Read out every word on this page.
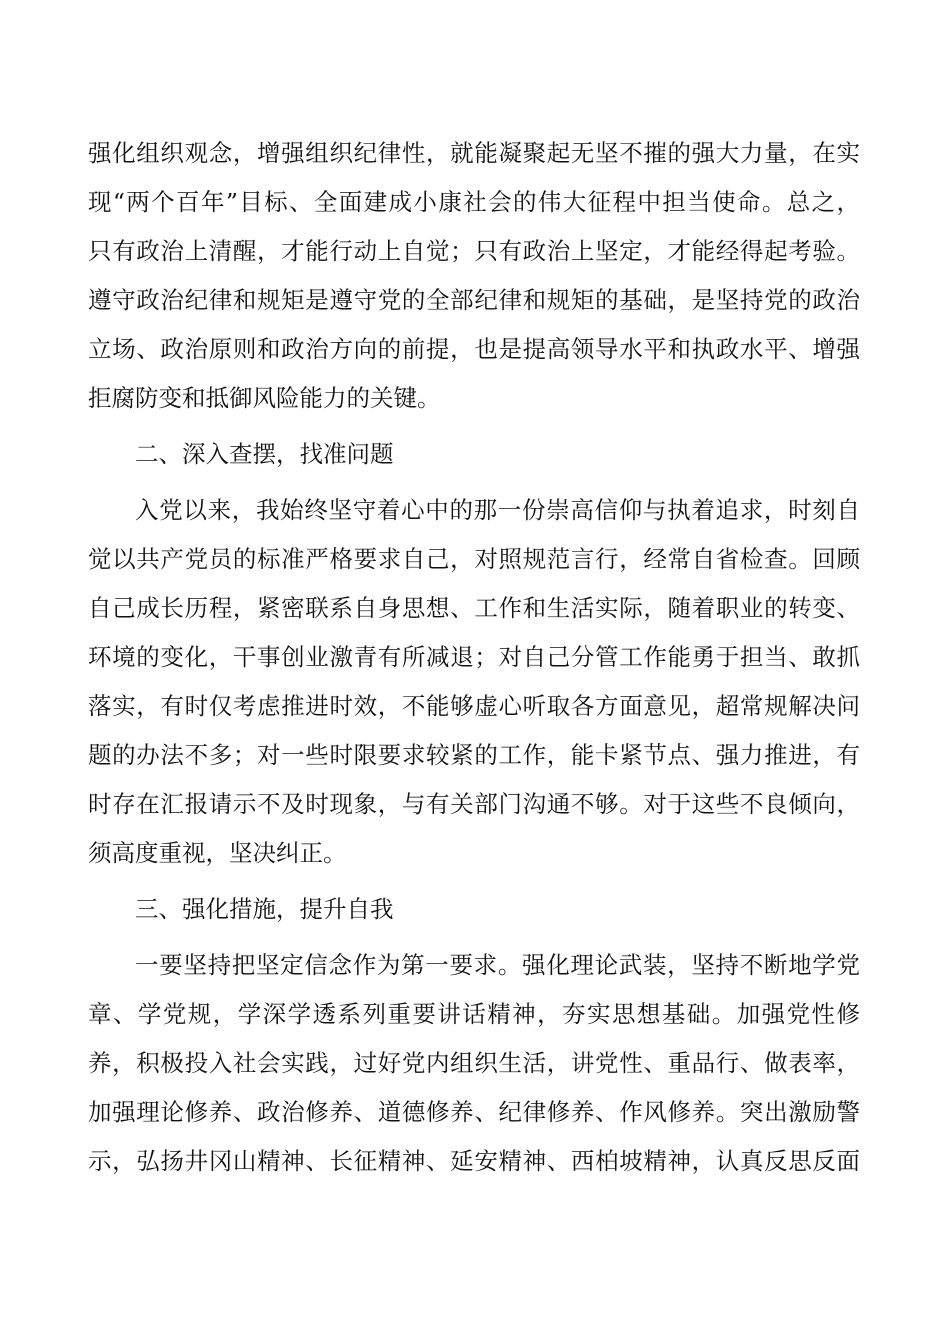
强化组织观念，增强组织纪律性，就能凝聚起无坚不摧的强大力量，在实
现“两个百年”目标、全面建成小康社会的伟大征程中担当使命。总之，
只有政治上清醒，才能行动上自觉；只有政治上坚定，才能经得起考验。
遵守政治纪律和规矩是遵守党的全部纪律和规矩的基础，是坚持党的政治
立场、政治原则和政治方向的前提，也是提高领导水平和执政水平、增强
拒腐防变和抵御风险能力的关键。
二、深入查摆，找准问题
入党以来，我始终坚守着心中的那一份崇高信仰与执着追求，时刻自
觉以共产党员的标准严格要求自己，对照规范言行，经常自省检查。回顾
自己成长历程，紧密联系自身思想、工作和生活实际，随着职业的转变、
环境的变化，干事创业激青有所减退；对自己分管工作能勇于担当、敢抓
落实，有时仅考虑推进时效，不能够虚心听取各方面意见，超常规解决问
题的办法不多；对一些时限要求较紧的工作，能卡紧节点、强力推进，有
时存在汇报请示不及时现象，与有关部门沟通不够。对于这些不良倾向，
须高度重视，坚决纠正。
三、强化措施，提升自我
一要坚持把坚定信念作为第一要求。强化理论武装，坚持不断地学党
章、学党规，学深学透系列重要讲话精神，夯实思想基础。加强党性修
养，积极投入社会实践，过好党内组织生活，讲党性、重品行、做表率，
加强理论修养、政治修养、道德修养、纪律修养、作风修养。突出激励警
示，弘扬井冈山精神、长征精神、延安精神、西柏坡精神，认真反思反面
